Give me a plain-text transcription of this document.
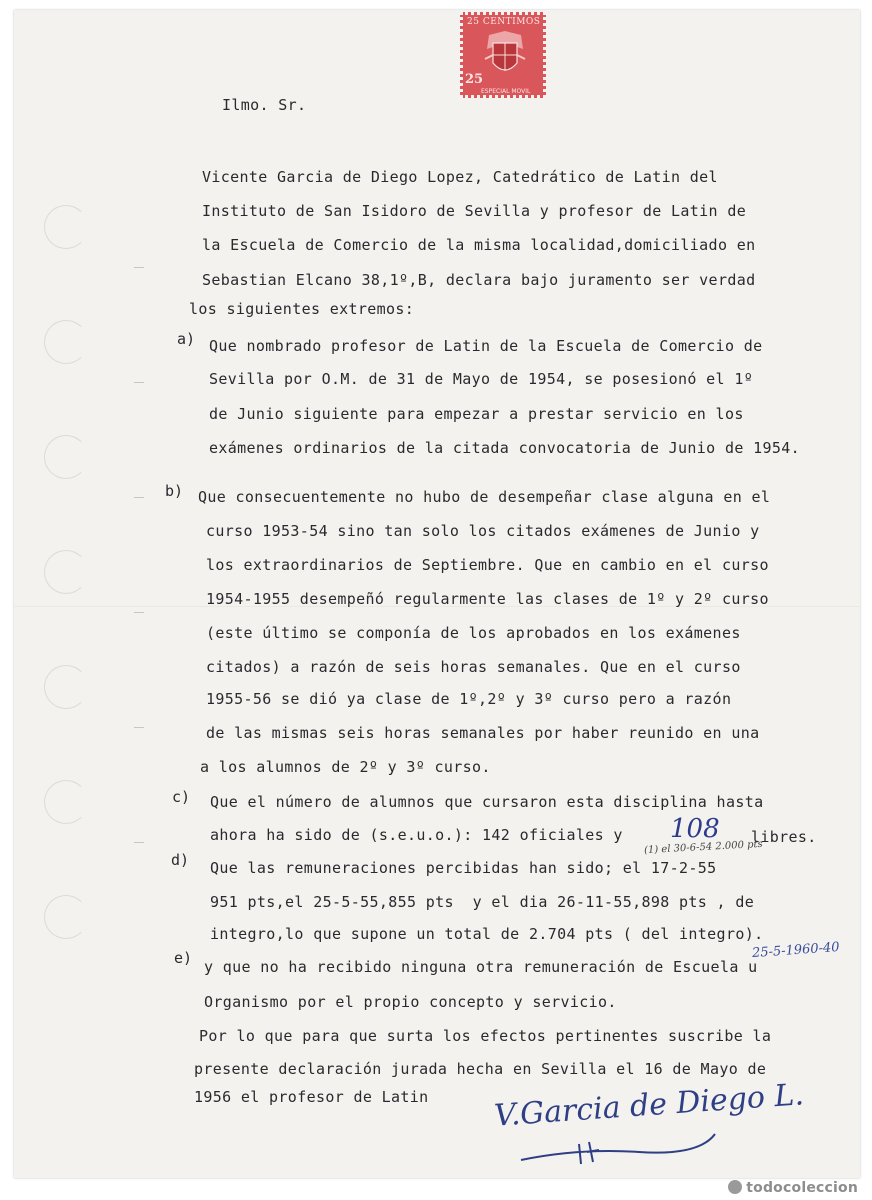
25 CENTIMOS
25
ESPECIAL MOVIL
Ilmo. Sr.
Vicente Garcia de Diego Lopez, Catedrático de Latin del
Instituto de San Isidoro de Sevilla y profesor de Latin de
la Escuela de Comercio de la misma localidad,domiciliado en
Sebastian Elcano 38,1º,B, declara bajo juramento ser verdad
los siguientes extremos:
a) Que nombrado profesor de Latin de la Escuela de Comercio de
Sevilla por O.M. de 31 de Mayo de 1954, se posesionó el 1º
de Junio siguiente para empezar a prestar servicio en los
exámenes ordinarios de la citada convocatoria de Junio de 1954.
b) Que consecuentemente no hubo de desempeñar clase alguna en el
curso 1953-54 sino tan solo los citados exámenes de Junio y
los extraordinarios de Septiembre. Que en cambio en el curso
1954-1955 desempeñó regularmente las clases de 1º y 2º curso
(este último se componía de los aprobados en los exámenes
citados) a razón de seis horas semanales. Que en el curso
1955-56 se dió ya clase de 1º,2º y 3º curso pero a razón
de las mismas seis horas semanales por haber reunido en una
a los alumnos de 2º y 3º curso.
c) Que el número de alumnos que cursaron esta disciplina hasta
ahora ha sido de (s.e.u.o.): 142 oficiales y 108 libres.
d)
(1) el 30-6-54 2.000 pts
Que las remuneraciones percibidas han sido; el 17-2-55
951 pts,el 25-5-55,855 pts  y el dia 26-11-55,898 pts , de
integro,lo que supone un total de 2.704 pts ( del integro).
25-5-1960-40
e) y que no ha recibido ninguna otra remuneración de Escuela u
Organismo por el propio concepto y servicio.
Por lo que para que surta los efectos pertinentes suscribe la
presente declaración jurada hecha en Sevilla el 16 de Mayo de
1956 el profesor de Latin V.Garcia de Diego L.
todocoleccion
